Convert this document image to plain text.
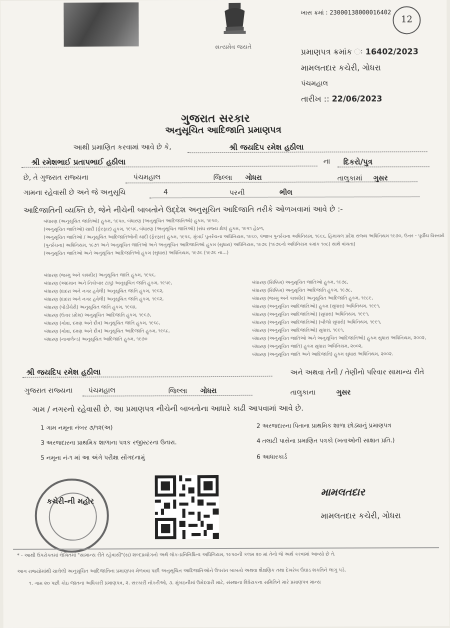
સત્યમેવ જયતે
ખાસ ક્રમાં : 23000138000016402
12
પ્રમાણપત્ર ક્રમાંક ઃ 16402/2023
મામલતદાર કચેરી, ગોધરા
પંચમહાલ
તારીખ :: 22/06/2023
ગુજરાત સરકાર
અનુસૂચિત આદિજાતિ પ્રમાણપત્ર
આથી પ્રમાણિત કરવામાં આવે છે કે,	શ્રી જયદિપ રમેશ હઠીલા
શ્રી રમેશભાઈ પ્રતાપભાઈ હઠીલા	ના દિકરો/પુત્ર
છે, તે ગુજરાત રાજ્યના	પંચમહાલ	જિલ્લા ગોધરા	તાલુકામાં ગુસર
ગામના રહેવાસી છે અને જે અનુસૂચિ	4	પરની	ભીલ
આદિજાતિની વ્યક્તિ છે, જેને નીચેની બાબતોને ઉદ્દેશ અનુસૂચિત આદિજાતિ તરીકે ઓળખવામાં આવે છે :-
બંધારણ (અનુસૂચિત જાતિઓ) હુકમ, ૧૯૫૦, બંધારણ (અનુસૂચિત આદિજાતિઓ) હુકમ, ૧૯૫૦,
(અનુસૂચિત જાતિઓ) યાદી (ફેરફાર) હુકમ, ૧૯૫૬, બંધારણ (અનુસૂચિત જાતિઓ) (સંઘ રાજ્ય ક્ષેત્ર) હુકમ, ૧૯૫૧ હેઠળ,
(અનુસૂચિત જાતિઓ / અનુસૂચિત આદિજાતિઓની યાદી (ફેરફાર) હુકમ, ૧૯૫૬, મુંબઈ પુનર્રચના અધિનિયમ, ૧૯૬૦, પંજાબ પુનર્રચના અધિનિયમ, ૧૯૬૬, હિમાચલ પ્રદેશ રાજ્ય અધિનિયમ ૧૯૭૦, ઉત્તર - પૂર્વીય વિસ્તારો
(પુનર્રચના) અધિનિયમ, ૧૯૭૧ અને અનુસૂચિત જાતિઓ અને અનુસૂચિત આદિજાતિઓ હુકમ (સુધારા) અધિનિયમ, ૧૯૭૬ (૧૯૭૬નો અધિનિયમ ક્રમાંક ૧૦૮) સાથે વાંચતા)
(અનુસૂચિત જાતિઓ અને અનુસૂચિત આદિજાતિઓ હુકમ (સુધારા) અધિનિયમ, ૧૯૭૬ (૧૯૭૬ ના...)
બંધારણ (જમ્મુ અને કાશ્મીર) અનુસૂચિત જાતિ હુકમ, ૧૯૫૬,
બંધારણ (અંદમાન અને નિકોબાર ટાપુ) અનુસૂચિત જાતિ હુકમ, ૧૯૫૯,
બંધારણ (દાદરા અને નગર હવેલી) અનુસૂચિત જાતિ હુકમ, ૧૯૬૨,
બંધારણ (દાદરા અને નગર હવેલી) અનુસૂચિત જાતિ હુકમ, ૧૯૬૨,
બંધારણ (પોંડીચેરી) અનુસૂચિત જાતિ હુકમ, ૧૯૬૪,
બંધારણ (ઉત્તર પ્રદેશ) અનુસૂચિત આદિજાતિ હુકમ, ૧૯૬૭,
બંધારણ (ગોવા, દમણ અને દીવ) અનુસૂચિત જાતિ હુકમ, ૧૯૬૮,
બંધારણ (ગોવા, દમણ અને દીવ) અનુસૂચિત આદિજાતિ હુકમ, ૧૯૬૮,
બંધારણ (નાગાલેન્ડ) અનુસૂચિત આદિજાતિ હુકમ, ૧૯૭૦
બંધારણ (સિક્કિમ) અનુસૂચિત જાતિઓ હુકમ, ૧૯૭૮,
બંધારણ (સિક્કિમ) અનુસૂચિત આદિજાતિ હુકમ, ૧૯૭૮,
બંધારણ (જમ્મુ અને કાશ્મીર) અનુસૂચિત આદિજાતિ હુકમ, ૧૯૮૯,
બંધારણ (અનુસૂચિત આદિજાતિઓ) હુકમ (સુધારા) અધિનિયમ, ૧૯૯૧,
બંધારણ (અનુસૂચિત આદિજાતિઓ) (સુધારા) અધિનિયમ, ૧૯૯૧,
બંધારણ (અનુસૂચિત આદિજાતિઓ) (બીજો સુધારો) અધિનિયમ, ૧૯૯૧,
બંધારણ (અનુસૂચિત આદિજાતિઓ) સુધારા, ૧૯૯૧,
બંધારણ (અનુસૂચિત જાતિઓ અને અનુસૂચિત આદિજાતિઓ) હુકમ સુધારા અધિનિયમ, ૨૦૦૨,
બંધારણ (અનુસૂચિત જાતિ) હુકમ સુધારા અધિનિયમ, ૨૦૦૨,
બંધારણ (અનુસૂચિત જાતિ અને આદિજાતિ) હુકમ સુધારા અધિનિયમ, ૨૦૦૨.
શ્રી જયદિપ રમેશ હઠીલા	અને અથવા તેની / તેણીનો પરિવાર સામાન્ય રીતે
ગુજરાત રાજ્યના પંચમહાલ	જિલ્લા ગોધરા	તાલુકાના	ગુસર
ગામ / નગરનો રહેવાસી છે. આ પ્રમાણપત્ર નીચેની બાબતોના આધારે કાઢી આપવામાં આવે છે.
1 ગામ નમૂના નંબર ૭/૧૨(અ)	2 અરજદારના પિતાના પ્રાથમિક શાળા છોડ્યાનું પ્રમાણપત્ર
3 અરજદારના પ્રાથમિક શાળાના પત્રક રજીસ્ટરના ઉતારા.	4 તલાટી પાસેના પ્રમાણિત પત્રકો (ખતાઓની સાક્ષાત પ્રતિ.)
5 નમૂના નં-૧ માં આ અંગે પરીક્ષા સોંગદનામું	6 આધારકાર્ડ
કચેરી-ની મહોર
મામલતદાર
મામલતદાર કચેરી, ગોધરા
* - આથી ઉપરોક્તમાં લેખિતમાં "સામાન્ય રીતે રહેવાસી"(સ) શબ્દપ્રયોગનો અર્થ લોક-પ્રતિનિધિત્વ અધિનિયમ, ૧૯૫૦ની કલમ ૨૦ માં તેનો જે અર્થ કરવામાં આવ્યો છે તે.
આગ રાજ્યોમાંથી ચાલેલી અનુસૂચિત આદિજાતિના પ્રમાણપત્ર મેળવવા પછી અનુસૂચિત આદિજાતિઓને ઉપરાંત બાબતો અથવા શૈક્ષણિક તથા દેખરેખ ઉઘાડ શકતિને લાગુ પડે.
૧. ગામ ૨૦ પછી કોઇ જાતના અધિકારી પ્રમાણપત્ર, ૨. સરકારી નોકરીઓ, ૩. મુંબઇનીમાં ઉમેદવારી માટે, સંસ્થાના વિધેયકના સમિતિને મારે પ્રમાણપત્ર માન્ય
